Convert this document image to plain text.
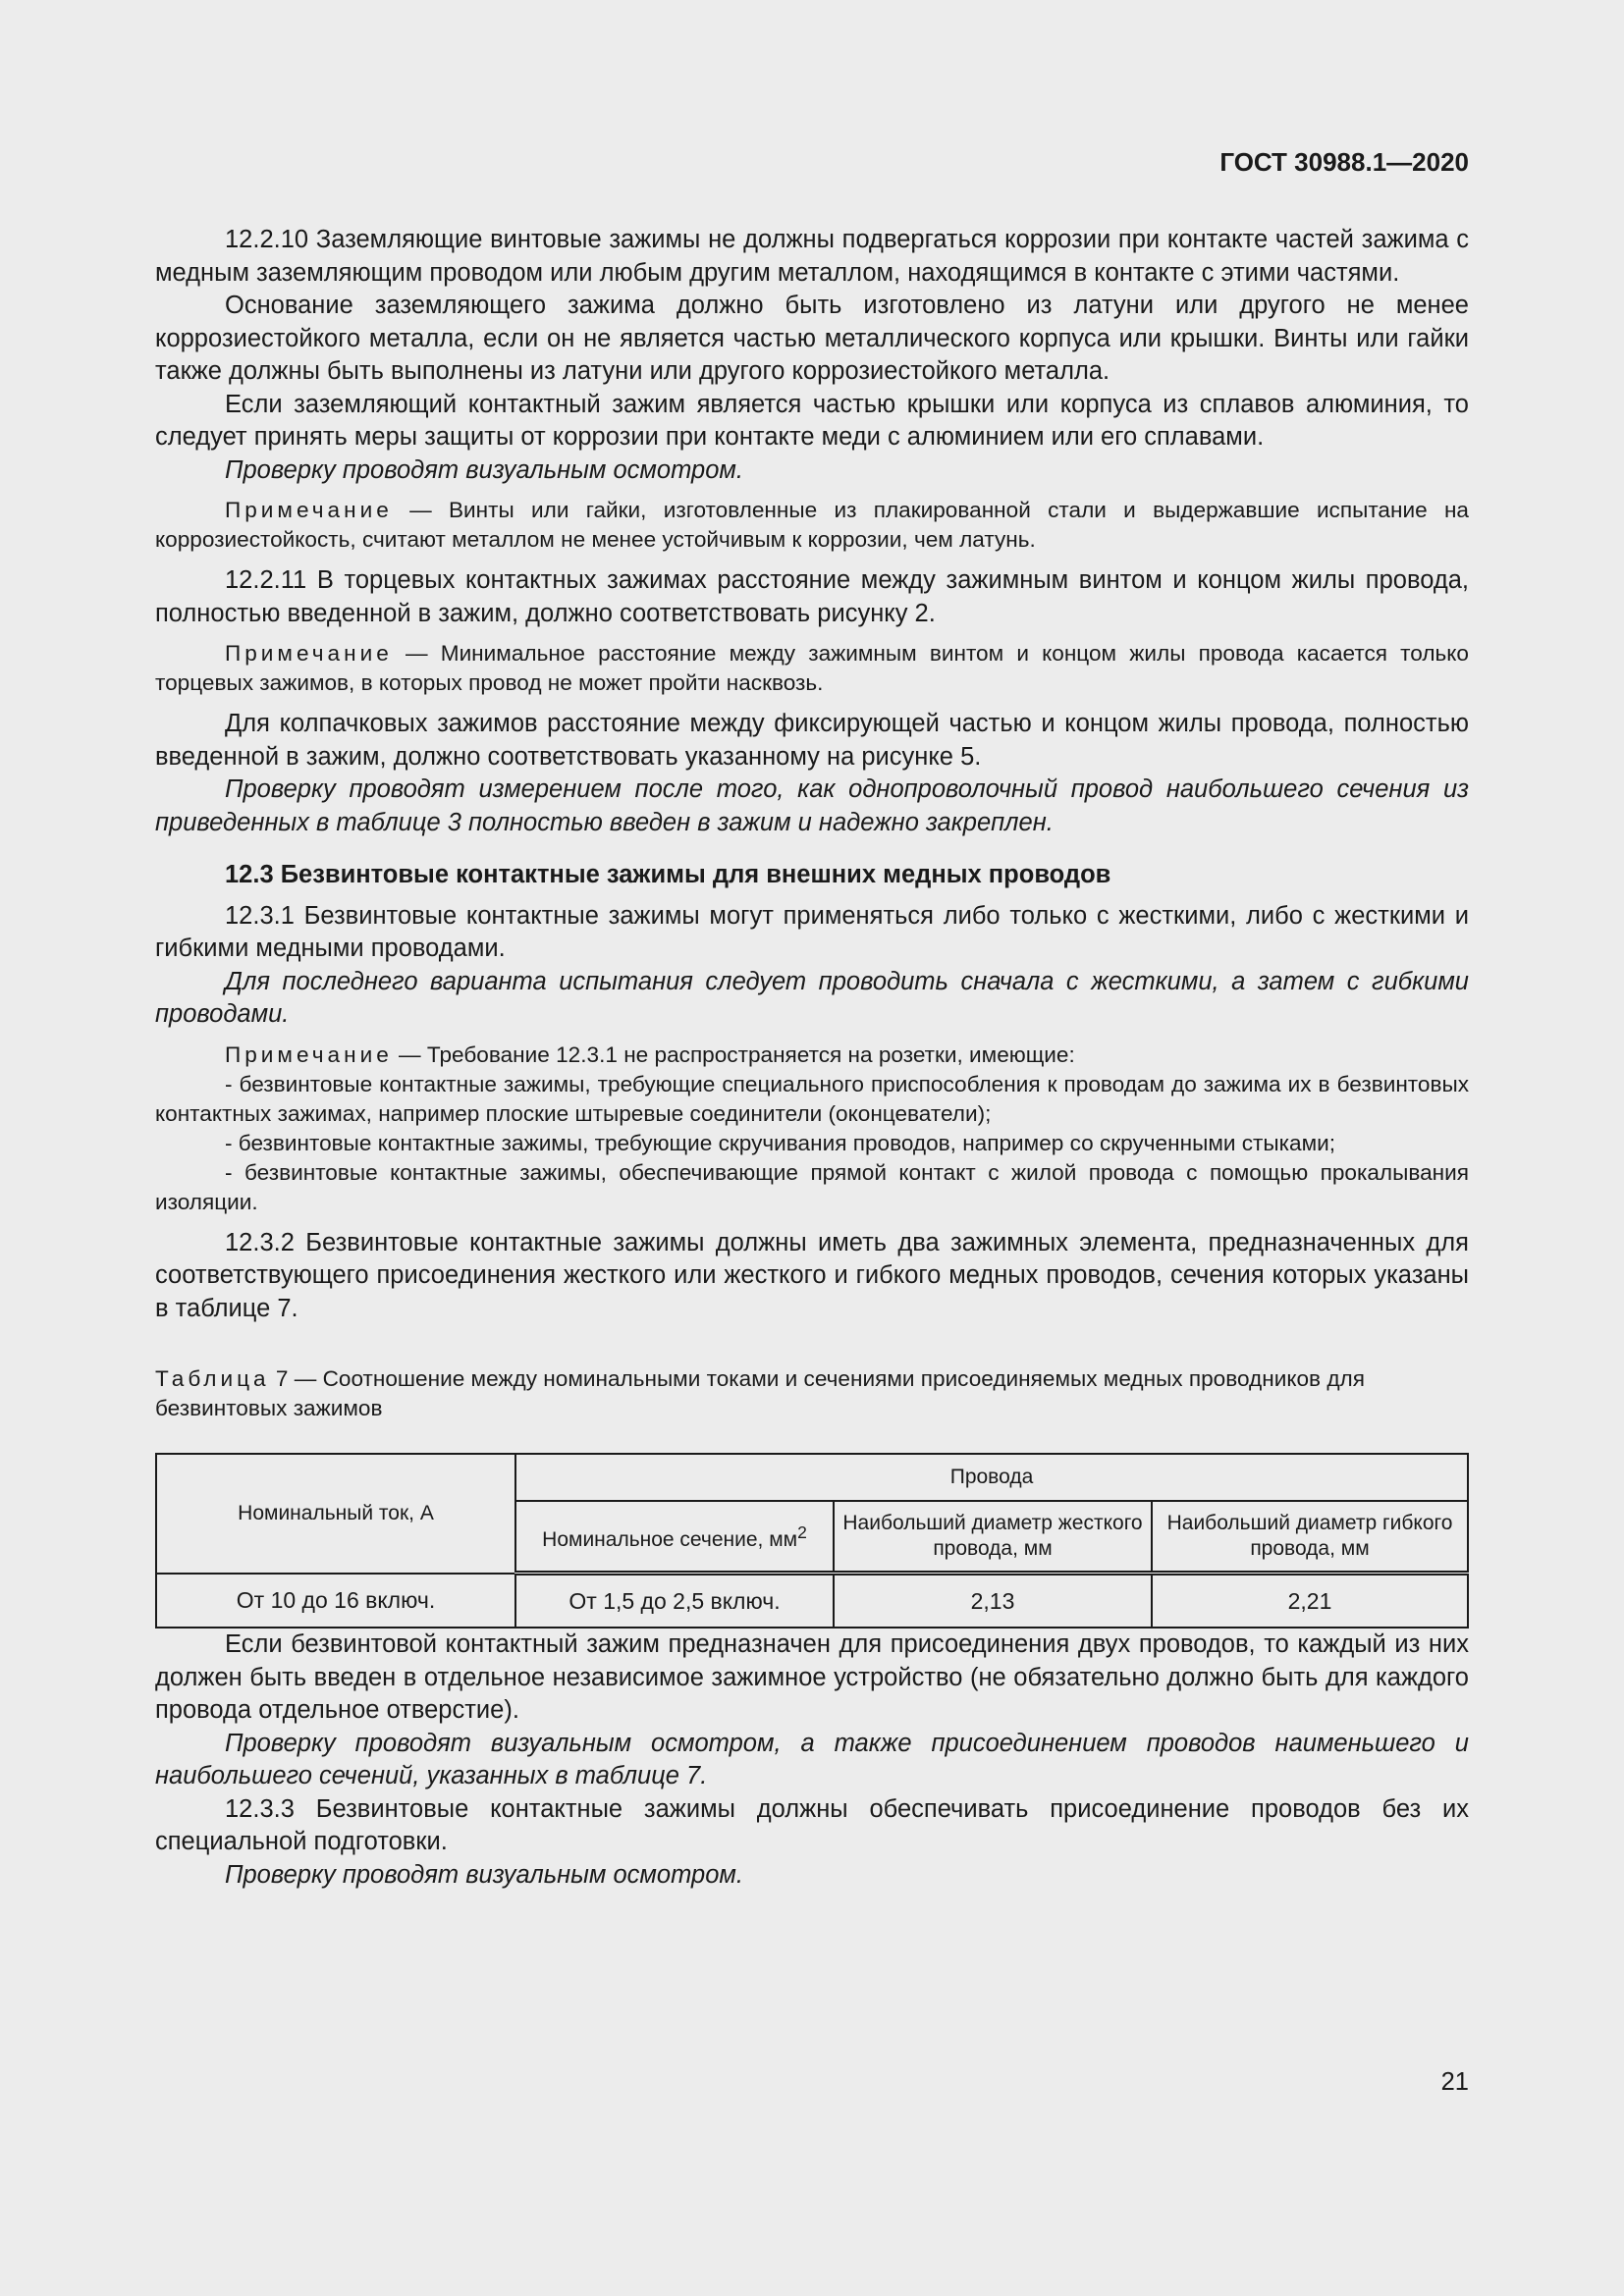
ГОСТ 30988.1—2020

12.2.10 Заземляющие винтовые зажимы не должны подвергаться коррозии при контакте частей зажима с медным заземляющим проводом или любым другим металлом, находящимся в контакте с этими частями.

Основание заземляющего зажима должно быть изготовлено из латуни или другого не менее коррозиестойкого металла, если он не является частью металлического корпуса или крышки. Винты или гайки также должны быть выполнены из латуни или другого коррозиестойкого металла.

Если заземляющий контактный зажим является частью крышки или корпуса из сплавов алюминия, то следует принять меры защиты от коррозии при контакте меди с алюминием или его сплавами.

Проверку проводят визуальным осмотром.

Примечание — Винты или гайки, изготовленные из плакированной стали и выдержавшие испытание на коррозиестойкость, считают металлом не менее устойчивым к коррозии, чем латунь.

12.2.11 В торцевых контактных зажимах расстояние между зажимным винтом и концом жилы провода, полностью введенной в зажим, должно соответствовать рисунку 2.

Примечание — Минимальное расстояние между зажимным винтом и концом жилы провода касается только торцевых зажимов, в которых провод не может пройти насквозь.

Для колпачковых зажимов расстояние между фиксирующей частью и концом жилы провода, полностью введенной в зажим, должно соответствовать указанному на рисунке 5.

Проверку проводят измерением после того, как однопроволочный провод наибольшего сечения из приведенных в таблице 3 полностью введен в зажим и надежно закреплен.

12.3 Безвинтовые контактные зажимы для внешних медных проводов

12.3.1 Безвинтовые контактные зажимы могут применяться либо только с жесткими, либо с жесткими и гибкими медными проводами.

Для последнего варианта испытания следует проводить сначала с жесткими, а затем с гибкими проводами.

Примечание — Требование 12.3.1 не распространяется на розетки, имеющие:

- безвинтовые контактные зажимы, требующие специального приспособления к проводам до зажима их в безвинтовых контактных зажимах, например плоские штыревые соединители (оконцеватели);

- безвинтовые контактные зажимы, требующие скручивания проводов, например со скрученными стыками;

- безвинтовые контактные зажимы, обеспечивающие прямой контакт с жилой провода с помощью прокалывания изоляции.

12.3.2 Безвинтовые контактные зажимы должны иметь два зажимных элемента, предназначенных для соответствующего присоединения жесткого или жесткого и гибкого медных проводов, сечения которых указаны в таблице 7.

Таблица 7 — Соотношение между номинальными токами и сечениями присоединяемых медных проводников для безвинтовых зажимов
Номинальный ток, А	Провода		
	Номинальное сечение, $мм^2$	Наибольший диаметр жесткого провода, мм	Наибольший диаметр гибкого провода, мм
От 10 до 16 включ.	От 1,5 до 2,5 включ.	2,13	2,21

Если безвинтовой контактный зажим предназначен для присоединения двух проводов, то каждый из них должен быть введен в отдельное независимое зажимное устройство (не обязательно должно быть для каждого провода отдельное отверстие).

Проверку проводят визуальным осмотром, а также присоединением проводов наименьшего и наибольшего сечений, указанных в таблице 7.

12.3.3 Безвинтовые контактные зажимы должны обеспечивать присоединение проводов без их специальной подготовки.

Проверку проводят визуальным осмотром.

21
